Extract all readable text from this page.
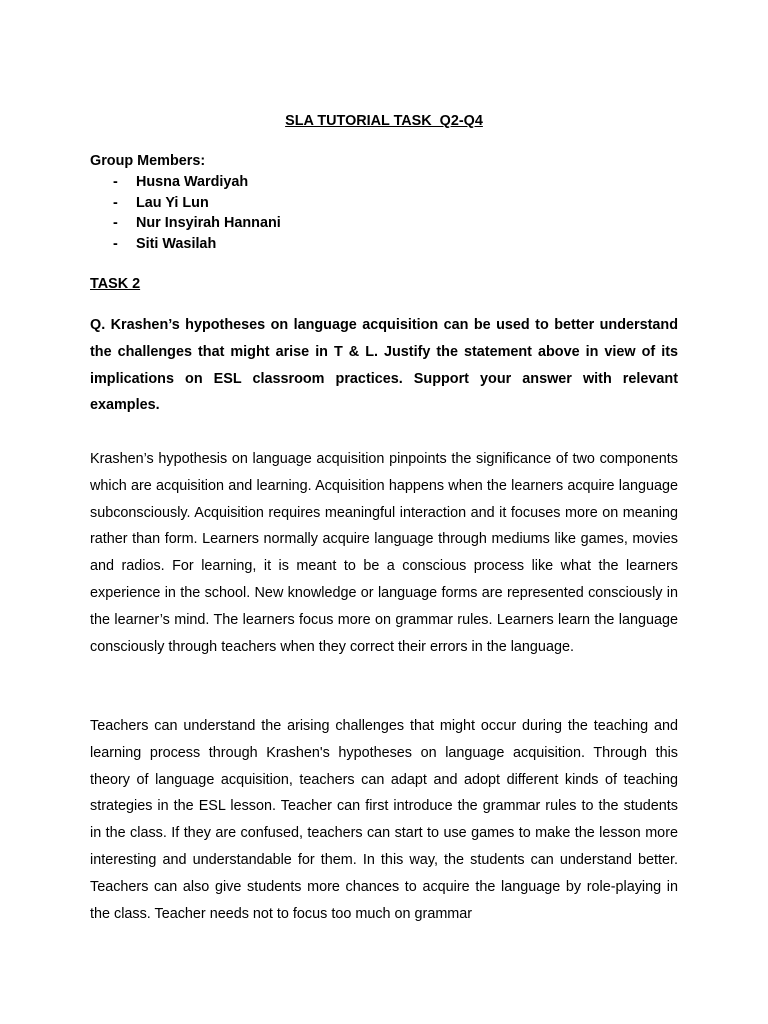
SLA TUTORIAL TASK  Q2-Q4
Group Members:
- Husna Wardiyah
- Lau Yi Lun
- Nur Insyirah Hannani
- Siti Wasilah
TASK 2

Q. Krashen’s hypotheses on language acquisition can be used to better understand the challenges that might arise in T & L. Justify the statement above in view of its implications on ESL classroom practices. Support your answer with relevant examples.

Krashen’s hypothesis on language acquisition pinpoints the significance of two components which are acquisition and learning. Acquisition happens when the learners acquire language subconsciously. Acquisition requires meaningful interaction and it focuses more on meaning rather than form. Learners normally acquire language through mediums like games, movies and radios. For learning, it is meant to be a conscious process like what the learners experience in the school. New knowledge or language forms are represented consciously in the learner’s mind. The learners focus more on grammar rules. Learners learn the language consciously through teachers when they correct their errors in the language.

Teachers can understand the arising challenges that might occur during the teaching and learning process through Krashen's hypotheses on language acquisition. Through this theory of language acquisition, teachers can adapt and adopt different kinds of teaching strategies in the ESL lesson. Teacher can first introduce the grammar rules to the students in the class. If they are confused, teachers can start to use games to make the lesson more interesting and understandable for them. In this way, the students can understand better. Teachers can also give students more chances to acquire the language by role-playing in the class. Teacher needs not to focus too much on grammar
